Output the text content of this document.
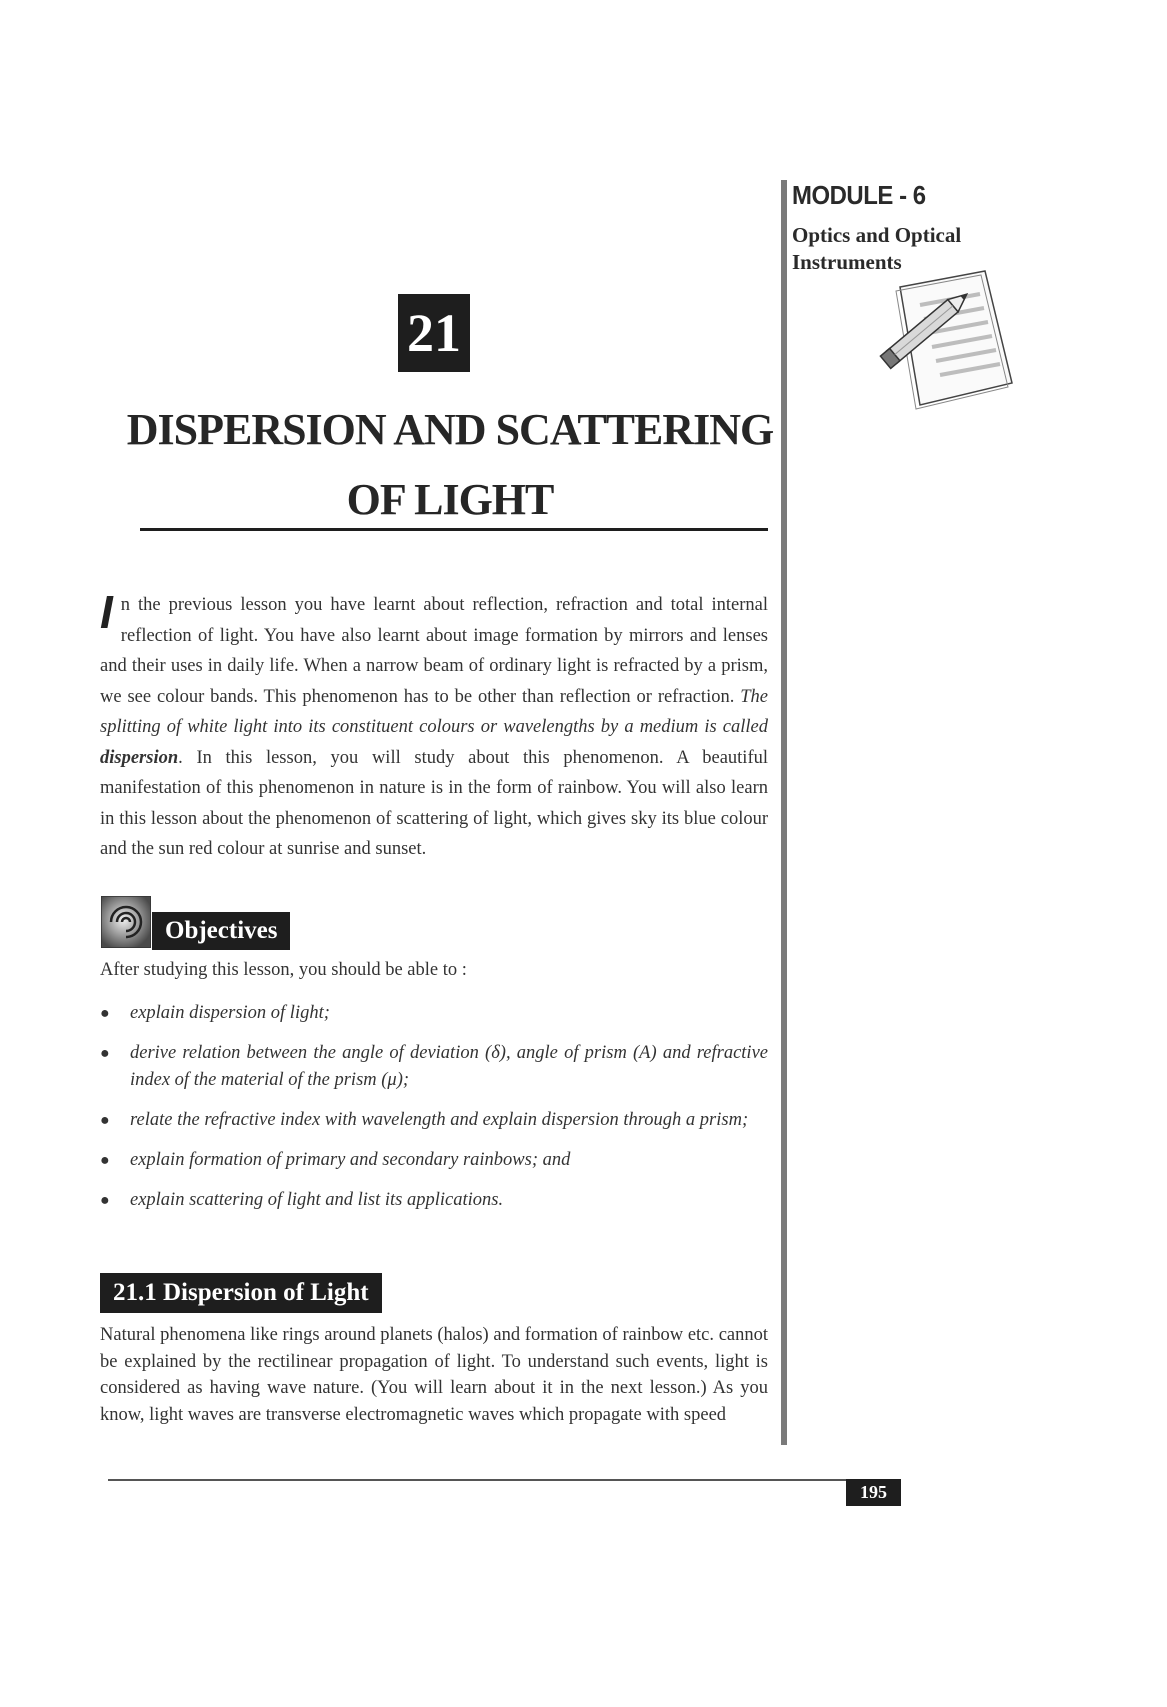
MODULE - 6
Optics and Optical Instruments
21
DISPERSION AND SCATTERING
OF LIGHT
In the previous lesson you have learnt about reflection, refraction and total internal reflection of light. You have also learnt about image formation by mirrors and lenses and their uses in daily life. When a narrow beam of ordinary light is refracted by a prism, we see colour bands. This phenomenon has to be other than reflection or refraction. The splitting of white light into its constituent colours or wavelengths by a medium is called dispersion. In this lesson, you will study about this phenomenon. A beautiful manifestation of this phenomenon in nature is in the form of rainbow. You will also learn in this lesson about the phenomenon of scattering of light, which gives sky its blue colour and the sun red colour at sunrise and sunset.
Objectives
After studying this lesson, you should be able to :
● explain dispersion of light;
● derive relation between the angle of deviation (δ), angle of prism (A) and refractive index of the material of the prism (μ);
● relate the refractive index with wavelength and explain dispersion through a prism;
● explain formation of primary and secondary rainbows; and
● explain scattering of light and list its applications.
21.1 Dispersion of Light
Natural phenomena like rings around planets (halos) and formation of rainbow etc. cannot be explained by the rectilinear propagation of light. To understand such events, light is considered as having wave nature. (You will learn about it in the next lesson.) As you know, light waves are transverse electromagnetic waves which propagate with speed
195
